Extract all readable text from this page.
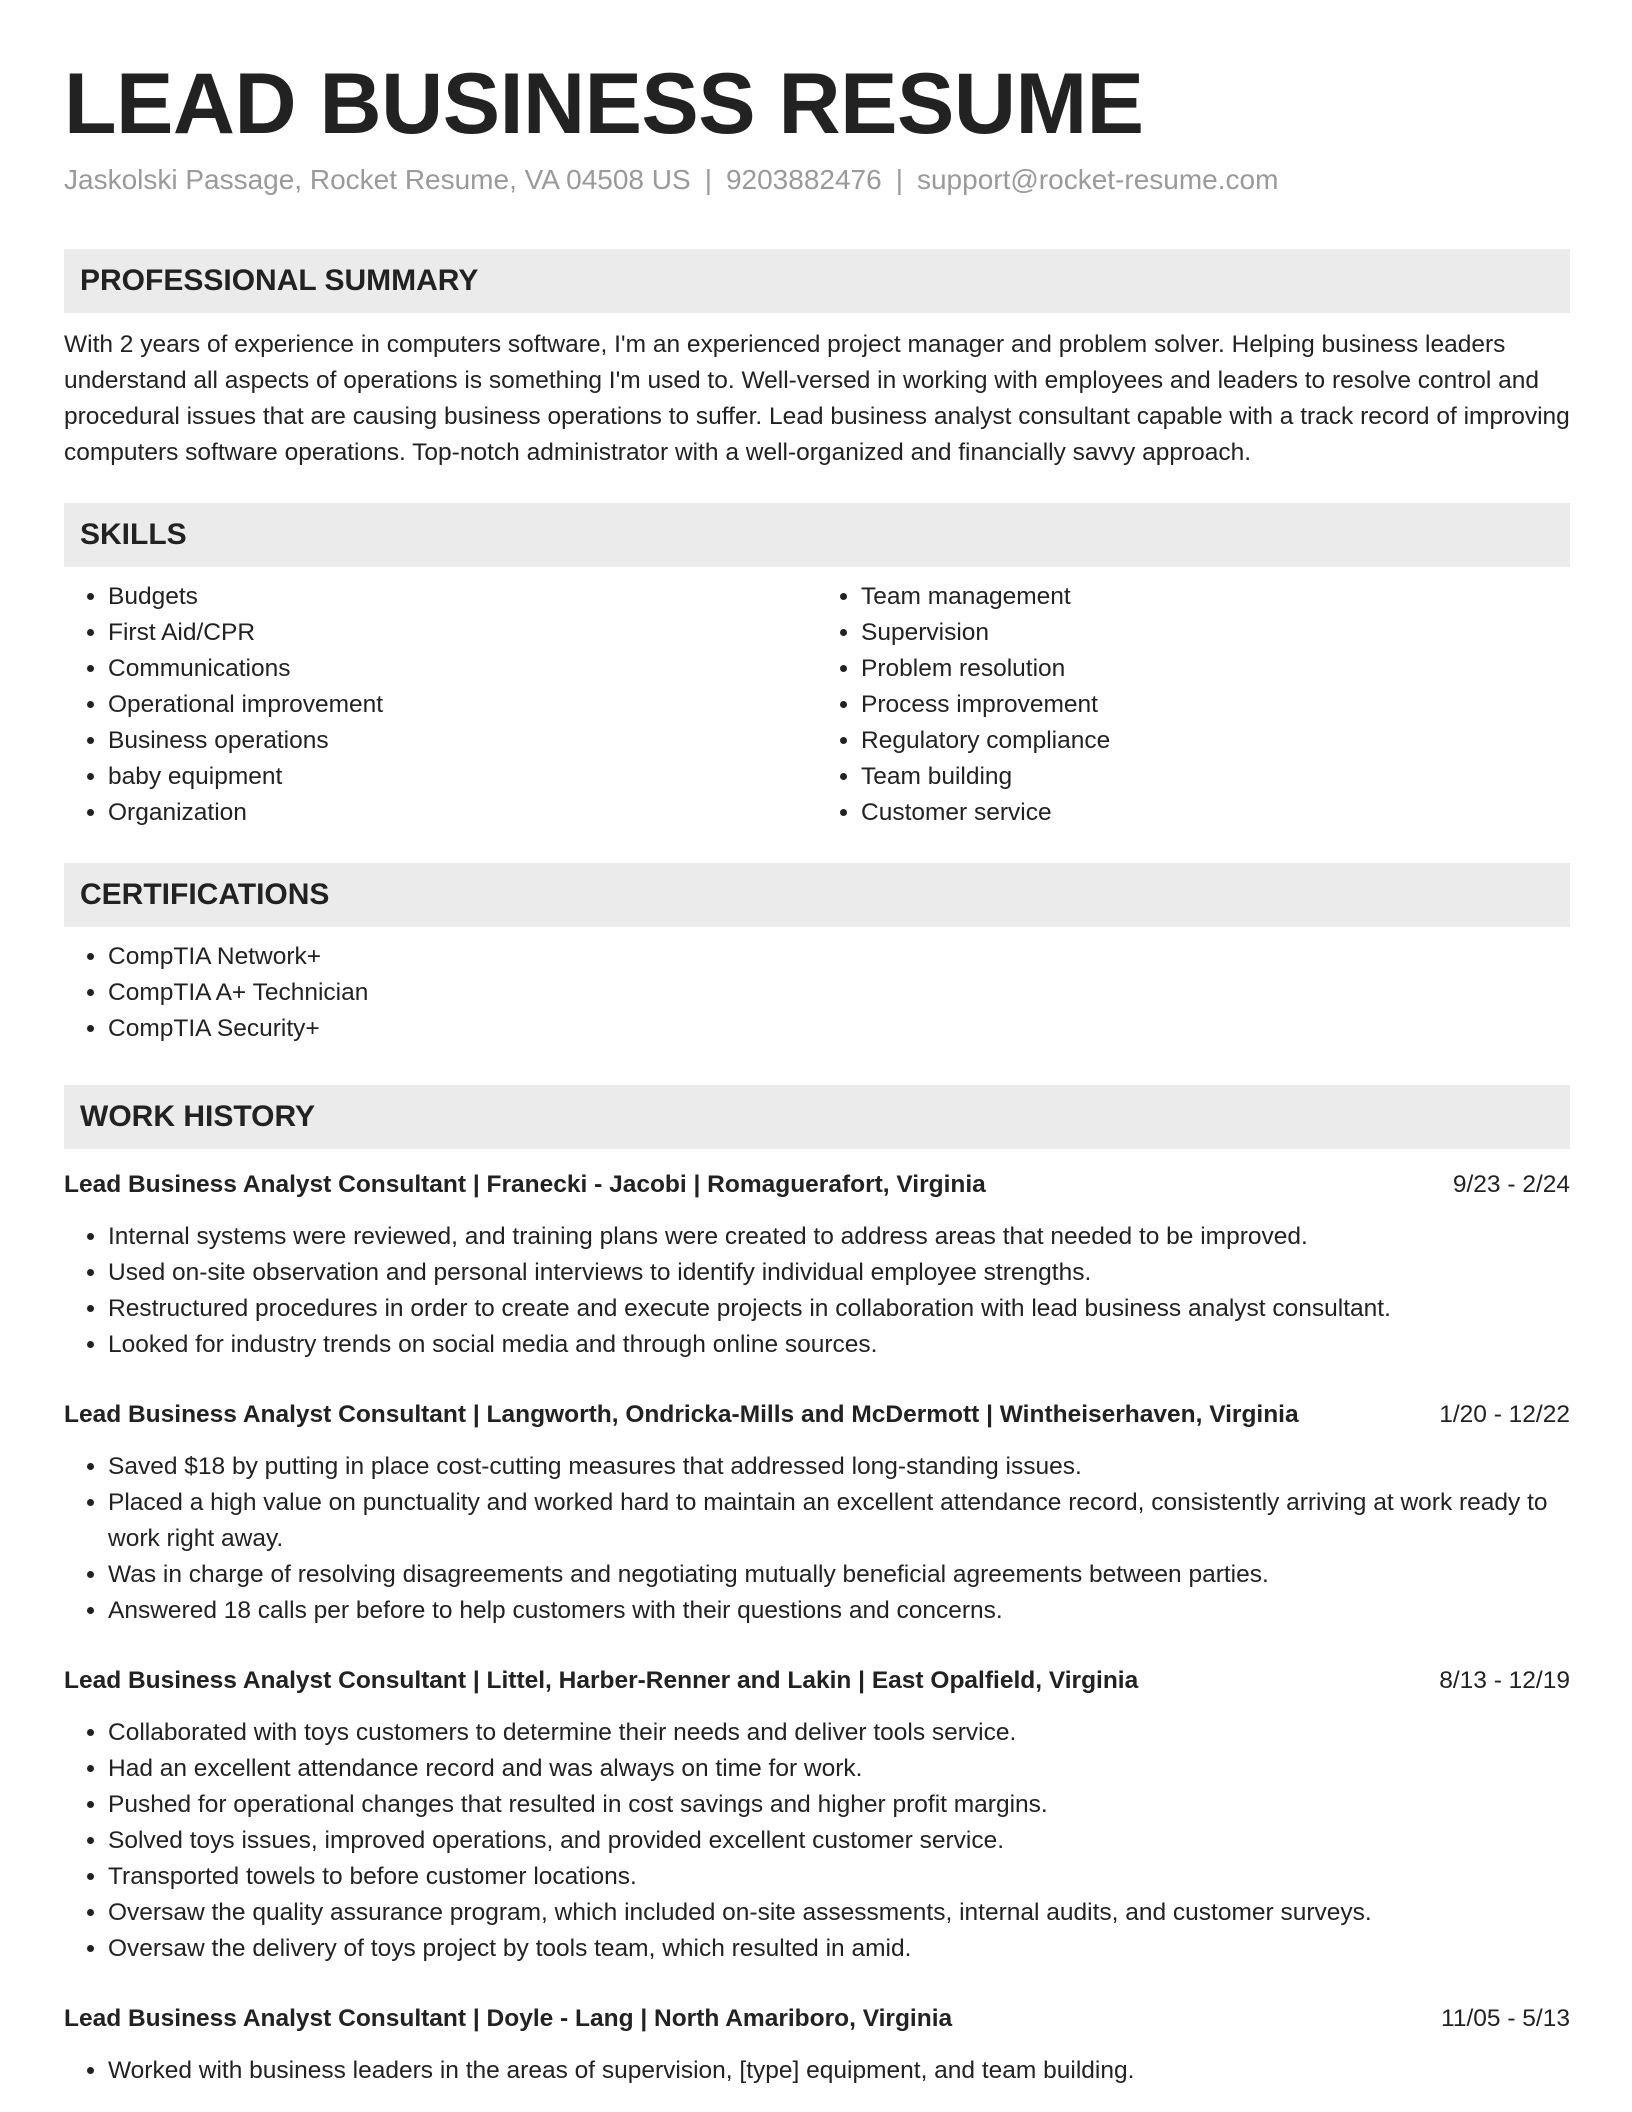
LEAD BUSINESS RESUME
Jaskolski Passage, Rocket Resume, VA 04508 US | 9203882476 | support@rocket-resume.com
PROFESSIONAL SUMMARY

With 2 years of experience in computers software, I'm an experienced project manager and problem solver. Helping business leaders understand all aspects of operations is something I'm used to. Well-versed in working with employees and leaders to resolve control and procedural issues that are causing business operations to suffer. Lead business analyst consultant capable with a track record of improving computers software operations. Top-notch administrator with a well-organized and financially savvy approach.

SKILLS
• Budgets
• First Aid/CPR
• Communications
• Operational improvement
• Business operations
• baby equipment
• Organization
• Team management
• Supervision
• Problem resolution
• Process improvement
• Regulatory compliance
• Team building
• Customer service
CERTIFICATIONS
• CompTIA Network+
• CompTIA A+ Technician
• CompTIA Security+
WORK HISTORY
Lead Business Analyst Consultant | Franecki - Jacobi | Romaguerafort, Virginia	9/23 - 2/24
• Internal systems were reviewed, and training plans were created to address areas that needed to be improved.
• Used on-site observation and personal interviews to identify individual employee strengths.
• Restructured procedures in order to create and execute projects in collaboration with lead business analyst consultant.
• Looked for industry trends on social media and through online sources.
Lead Business Analyst Consultant | Langworth, Ondricka-Mills and McDermott | Wintheiserhaven, Virginia	1/20 - 12/22
• Saved $18 by putting in place cost-cutting measures that addressed long-standing issues.
• Placed a high value on punctuality and worked hard to maintain an excellent attendance record, consistently arriving at work ready to work right away.
• Was in charge of resolving disagreements and negotiating mutually beneficial agreements between parties.
• Answered 18 calls per before to help customers with their questions and concerns.
Lead Business Analyst Consultant | Littel, Harber-Renner and Lakin | East Opalfield, Virginia	8/13 - 12/19
• Collaborated with toys customers to determine their needs and deliver tools service.
• Had an excellent attendance record and was always on time for work.
• Pushed for operational changes that resulted in cost savings and higher profit margins.
• Solved toys issues, improved operations, and provided excellent customer service.
• Transported towels to before customer locations.
• Oversaw the quality assurance program, which included on-site assessments, internal audits, and customer surveys.
• Oversaw the delivery of toys project by tools team, which resulted in amid.
Lead Business Analyst Consultant | Doyle - Lang | North Amariboro, Virginia	11/05 - 5/13
• Worked with business leaders in the areas of supervision, [type] equipment, and team building.
